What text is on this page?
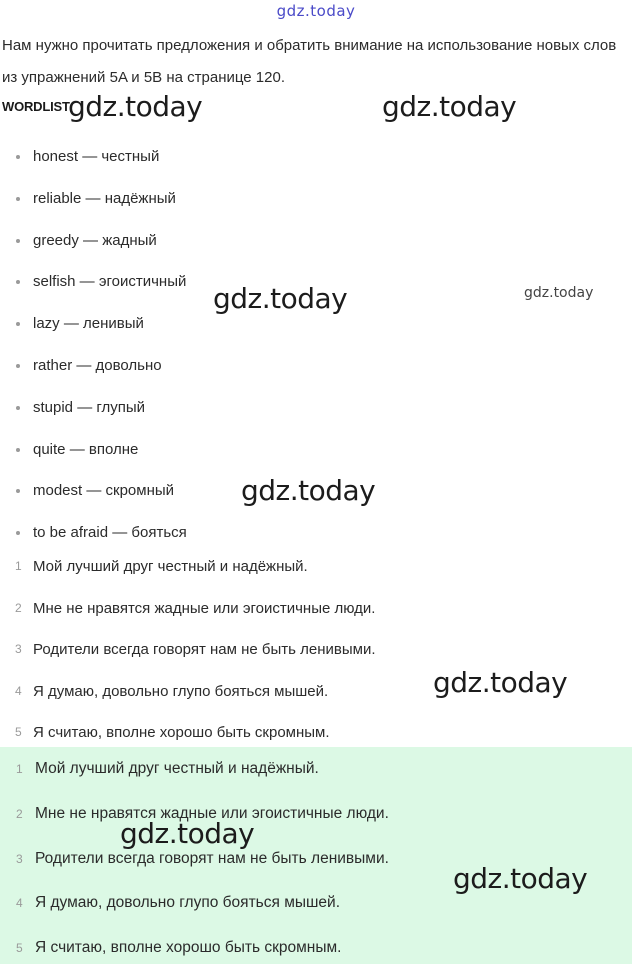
gdz.today
Нам нужно прочитать предложения и обратить внимание на использование новых слов из упражнений 5A и 5B на странице 120.
WORDLIST
honest — честный
reliable — надёжный
greedy — жадный
selfish — эгоистичный
lazy — ленивый
rather — довольно
stupid — глупый
quite — вполне
modest — скромный
to be afraid — бояться
1 Мой лучший друг честный и надёжный.
2 Мне не нравятся жадные или эгоистичные люди.
3 Родители всегда говорят нам не быть ленивыми.
4 Я думаю, довольно глупо бояться мышей.
5 Я считаю, вполне хорошо быть скромным.
1 Мой лучший друг честный и надёжный.
2 Мне не нравятся жадные или эгоистичные люди.
3 Родители всегда говорят нам не быть ленивыми.
4 Я думаю, довольно глупо бояться мышей.
5 Я считаю, вполне хорошо быть скромным.
gdz.today	gdz.today
gdz.today	gdz.today
gdz.today
gdz.today
gdz.today
gdz.today
